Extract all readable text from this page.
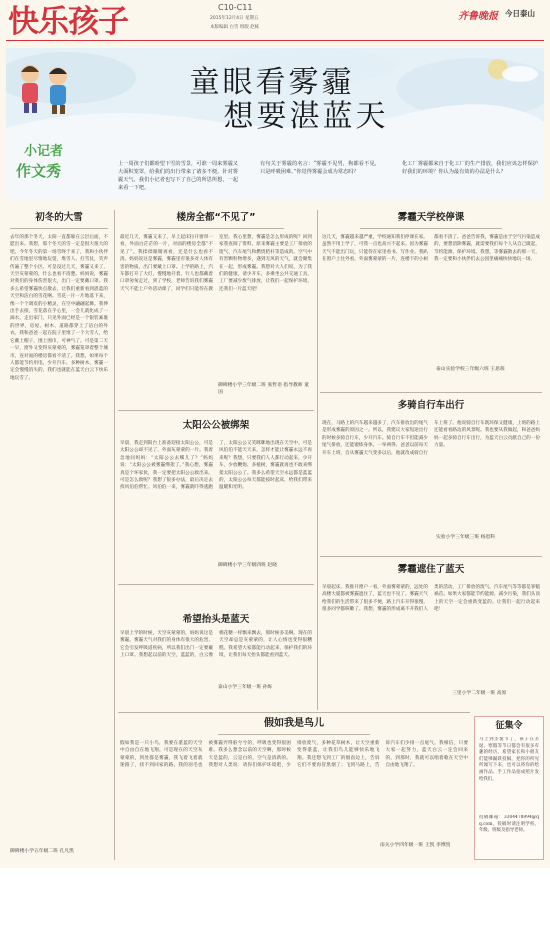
快乐孩子	C10-C11
2015年12月4日 星期五
本版编辑 白雪 组版 赵栋
齐鲁晚报 今日泰山
童眼看雾霾
想要湛蓝天
小记者
作文秀	上一周孩子们都盼望下雪的雪景，可谁一周来雾霾又大面积笼罩，给我们的出行带来了诸多不便。针对雾霾天气，我们小记者也写下了自己的所思所想，一起来看一下吧。
有句关于雾霾的名言：“雾霾不见男，狗都看不见，只是呼吸困难。”你觉得雾霾会成为常态吗？
化工厂雾霾都来自于化工厂的生产排放，我们应该怎样保护好我们的环境？你认为最有效的办法是什么？
初冬的大雪
去年的那个冬天，太阳一直都躲在云层后面，不愿出来。我想，那个冬天的雪一定是很大很大的吧。今年冬天的第一场雪终于来了，我和小伙伴们在雪地里尽情地玩耍，堆雪人、打雪仗，笑声传遍了整个小区。可是没过几天，雾霾又来了，天空灰蒙蒙的，什么也看不清楚。妈妈说，雾霾对我们的身体伤害很大，出门一定要戴口罩。我多么希望雾霾快点散去，让我们重新看到湛蓝的天空和洁白的雪花啊。雪花一片一片地落下来，像一个个调皮的小精灵，在空中翩翩起舞。我伸出手去接，雪花落在手心里，一会儿就化成了一滴水。走出家门，只见外面已经是一个银装素裹的世界，房屋、树木、道路都穿上了洁白的外衣。我和爸爸一起在院子里堆了一个大雪人，给它戴上帽子，围上围巾，可神气了。可是第二天一早，窗外又变得灰蒙蒙的，雾霾笼罩着整个城市，连对面的楼房都看不清了。我想，如果每个人都能节约用电、少开汽车、多种树木，雾霾一定会慢慢消失的，我们也就能在蓝天白云下快乐地玩雪了。
御碑楼小学五年级二班 孔凡凯
楼房全都“不见了”
最近几天，雾霾又来了，早上起床拉开窗帘一看，外面白茫茫的一片，对面的楼房全都“不见了”。我揉揉眼睛再看，还是什么也看不清。妈妈说这是雾霾，雾霾里有很多对人体有害的物质，出门要戴上口罩。上学的路上，汽车都打开了大灯，慢慢地开着，行人也都戴着口罩匆匆走过。到了学校，老师告诉我们雾霾天气不能上户外活动课了，同学们只能待在教室里。我心里想，雾霾是怎么形成的呢？回到家我查阅了资料，原来雾霾主要是工厂排放的废气、汽车尾气和燃烧秸秆等造成的。空气中有害颗粒物增多，遇到无风的天气，就会聚集在一起，形成雾霾。我想对大人们说，为了我们的健康，请少开车，多乘坐公共交通工具，工厂要减少废气排放，让我们一起保护环境，还我们一片蓝天吧！
御碑楼小学三年级二班 张哲语 指导教师 童国
太阳公公被绑架
早晨，我走到阳台上准备迎接太阳公公，可是太阳公公却不见了，外面灰蒙蒙的一片。我着急地问妈妈：“太阳公公去哪儿了？”妈妈说：“太阳公公被雾霾绑架了。”我心想，雾霾真是个坏家伙，我一定要把太阳公公救出来。可是怎么救呢？我想了很多办法，最后决定去找风伯伯帮忙。风伯伯一来，雾霾就吓得逃跑了，太阳公公又笑眯眯地出现在天空中。可是风伯伯不能天天来，怎样才能让雾霾永远不再来呢？我想，只要我们人人都行动起来，少开车、少放鞭炮、多植树，雾霾就再也不敢来绑架太阳公公了。我多么希望天空永远都是蓝蓝的，太阳公公每天都能按时起床，给我们带来温暖和光明。
御碑楼小学三年级四班 赵晓
希望抬头是蓝天
早晨上学的时候，天空灰蒙蒙的，妈妈说这是雾霾。雾霾天气对我们的身体有很大的危害，它会引发呼吸道疾病，所以我们出门一定要戴上口罩。我想起以前的天空，蓝蓝的，白云像棉花糖一样飘来飘去，那时候多美啊。现在的天空却总是灰蒙蒙的，让人心情也变得很糟糕。我希望大家都能行动起来，保护我们的环境，让我们每天抬头都能看到蓝天。
泰山小学三年级一班 孙烁
雾霾天学校停课
这几天，雾霾越来越严重，学校通知我们停课在家。虽然不用上学了，可我一点也高兴不起来。因为雾霾天气不能出门玩，只能待在家里看书、写作业。我趴在窗户上往外看，外面雾蒙蒙的一片，连楼下的小树都看不清了。爸爸告诉我，雾霾是由于空气污染造成的，要想消除雾霾，就需要我们每个人从自己做起，节约能源，保护环境。我想，等雾霾散去的那一天，我一定要和小伙伴们去公园里痛痛快快地玩一场。
泰山实验学校三年级六班 王思萌
多骑自行车出行
现在，马路上的汽车越来越多了，汽车排放出的尾气是形成雾霾的原因之一。所以，我建议大家短途出行的时候多骑自行车，少开汽车。骑自行车不但能减少尾气排放，还能锻炼身体，一举两得。爸爸以前每天开车上班，自从雾霾天气变多以后，他就改成骑自行车上班了。他说骑自行车既环保又健康，上班的路上还能看看路边的风景呢。我也要从我做起，和爸爸妈妈一起多骑自行车出行，为蓝天白云贡献自己的一份力量。
实验小学三年级三班 杨恩科
雾霾遮住了蓝天
早晨起床，我推开窗户一看，外面雾蒙蒙的，远处的高楼大厦都被雾霾遮住了，蓝天也不见了。雾霾天气给我们的生活带来了很多不便，路上汽车开得很慢，很多同学都咳嗽了。我想，雾霾的形成离不开我们人类的活动，工厂排放的废气、汽车尾气等等都是罪魁祸首。如果大家都能节约能源，减少污染，我们头顶上的天空一定会重新变蓝的。让我们一起行动起来吧！
三里小学二年级一班 高原
征集令
马上到圣诞节了，孩子在圣诞、寒假等节日都会有很多有趣的经历，希望家长和小朋友们能够踊跃投稿，把你的所见所闻写下来，也可以将你的绘画作品、手工作品拍成照片发给我们。
投稿邮箱：3304478994@qq.com，投稿时请注明学校、年级、班级及指导老师。
假如我是鸟儿
假如我是一只小鸟，我要在湛蓝的天空中自由自在地飞翔。可是现在的天空灰蒙蒙的，到处都是雾霾，我飞着飞着就迷路了，找不到回家的路。我的羽毛也被雾霾弄得脏兮兮的，呼吸也变得很困难。我多么想念以前的天空啊，那时候天是蓝的，云是白的，空气是清新的。我想对人类说：请你们保护环境吧，少排放废气，多种花草树木，让天空重新变得湛蓝，让我们鸟儿能够快乐地飞翔。我还想飞到工厂的烟囱边上，告诉它们不要再冒黑烟了；飞到马路上，告诉汽车们少排一点尾气。我相信，只要大家一起努力，蓝天白云一定会回来的，到那时，我就可以唱着歌在天空中自由地飞翔了。
南关小学四年级一班 王凯 李博凯
